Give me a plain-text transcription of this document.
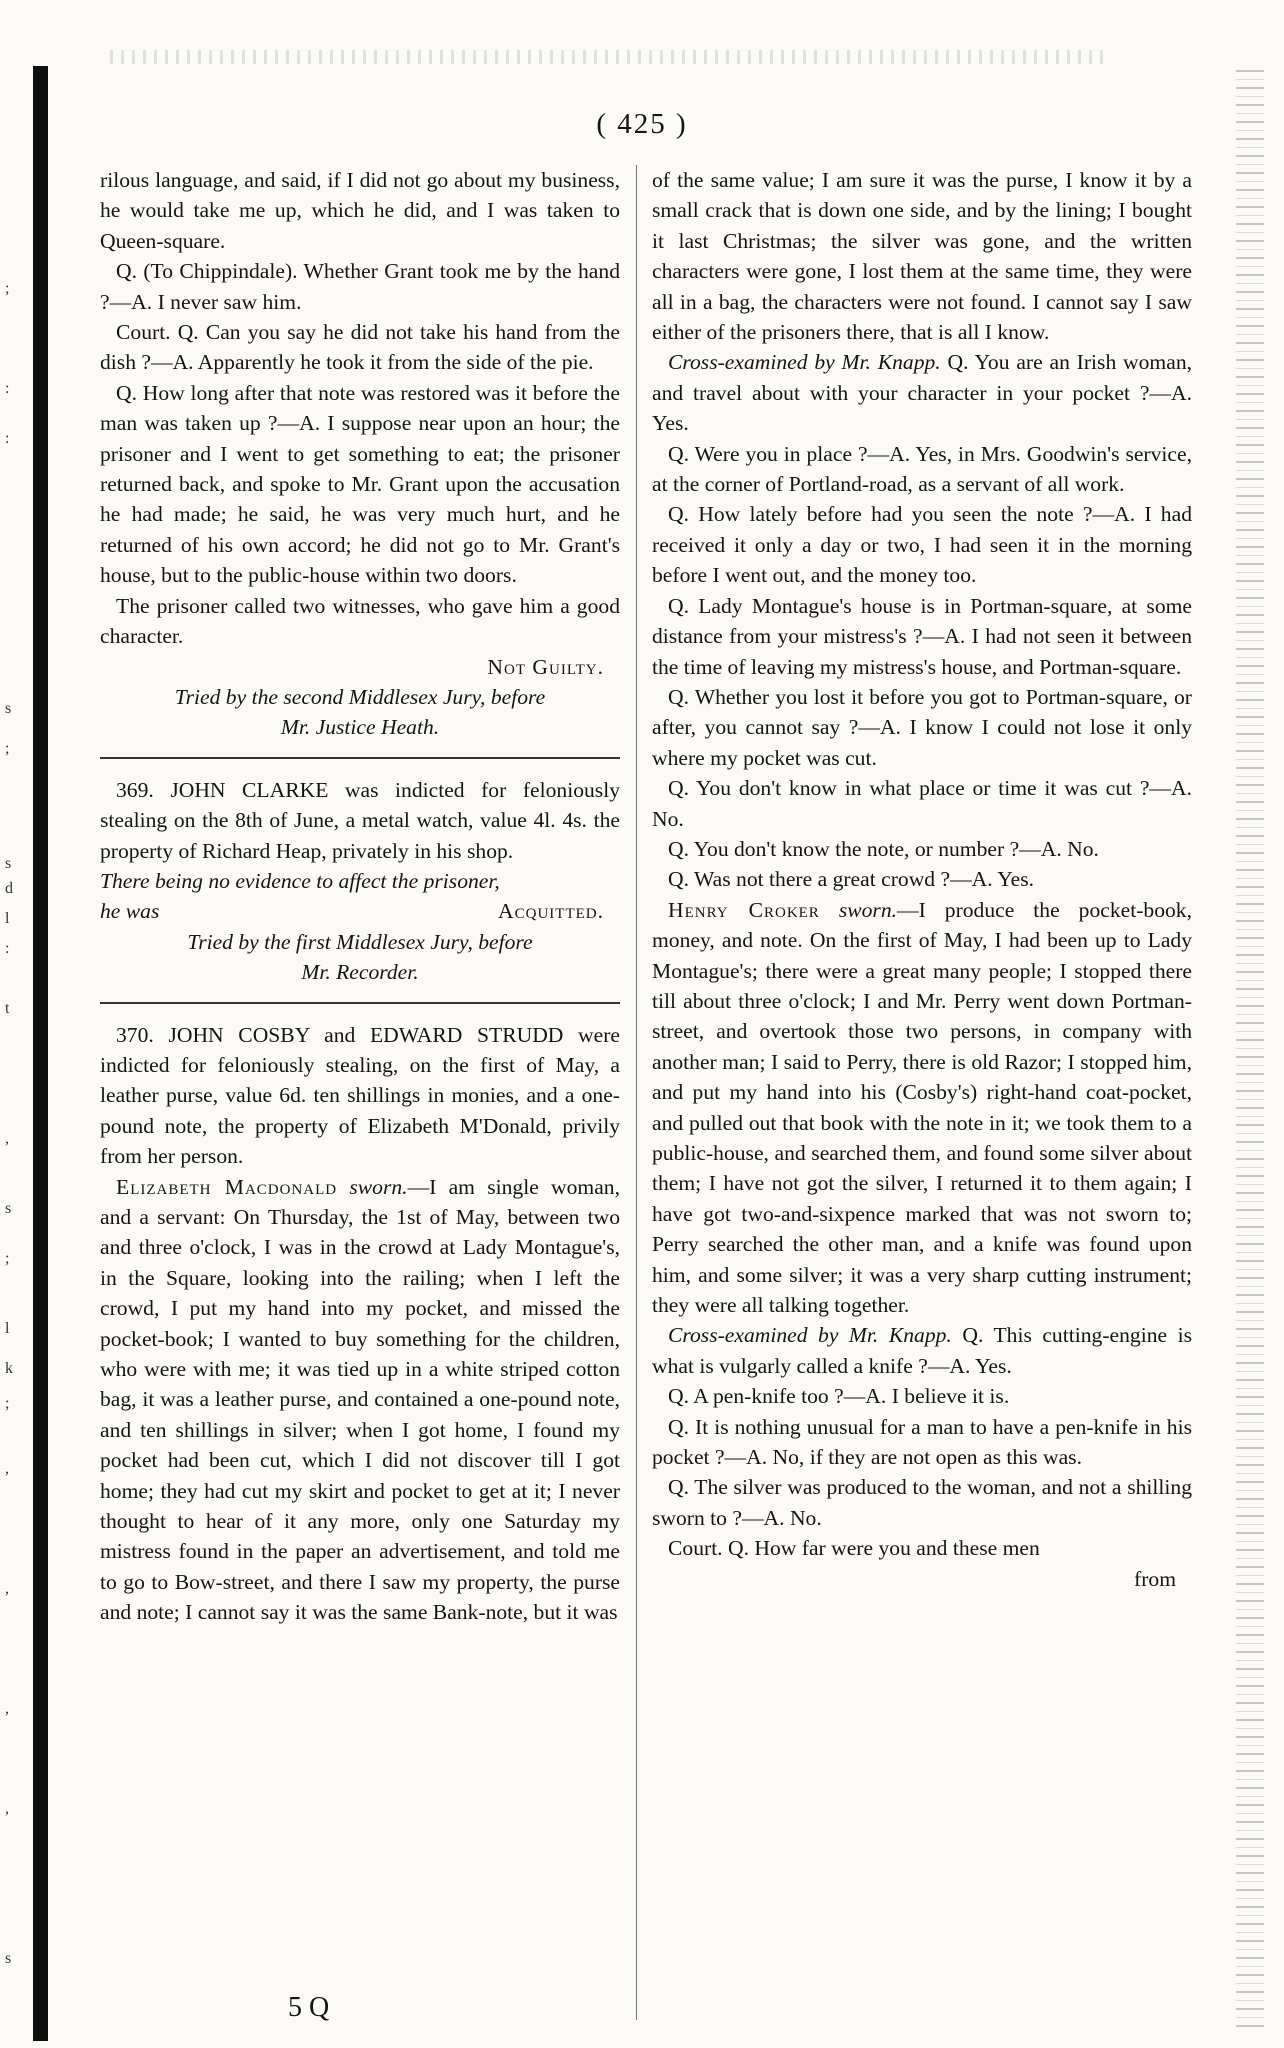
;
:
:
s
;
s
d
l
:
t
,
s
;
l
k
;
,
,
,
,
s
( 425 )

rilous language, and said, if I did not go about my business, he would take me up, which he did, and I was taken to Queen-square.

Q. (To Chippindale). Whether Grant took me by the hand ?—A. I never saw him.

Court. Q. Can you say he did not take his hand from the dish ?—A. Apparently he took it from the side of the pie.

Q. How long after that note was restored was it before the man was taken up ?—A. I suppose near upon an hour; the prisoner and I went to get something to eat; the prisoner returned back, and spoke to Mr. Grant upon the accusation he had made; he said, he was very much hurt, and he returned of his own accord; he did not go to Mr. Grant's house, but to the public-house within two doors.

The prisoner called two witnesses, who gave him a good character.

Not Guilty.

Tried by the second Middlesex Jury, before

Mr. Justice Heath.

369. JOHN CLARKE was indicted for feloniously stealing on the 8th of June, a metal watch, value 4l. 4s. the property of Richard Heap, privately in his shop.

There being no evidence to affect the prisoner,

he was	Acquitted.

Tried by the first Middlesex Jury, before

Mr. Recorder.

370. JOHN COSBY and EDWARD STRUDD were indicted for feloniously stealing, on the first of May, a leather purse, value 6d. ten shillings in monies, and a one-pound note, the property of Elizabeth M'Donald, privily from her person.

Elizabeth Macdonald sworn.—I am single woman, and a servant: On Thursday, the 1st of May, between two and three o'clock, I was in the crowd at Lady Montague's, in the Square, looking into the railing; when I left the crowd, I put my hand into my pocket, and missed the pocket-book; I wanted to buy something for the children, who were with me; it was tied up in a white striped cotton bag, it was a leather purse, and contained a one-pound note, and ten shillings in silver; when I got home, I found my pocket had been cut, which I did not discover till I got home; they had cut my skirt and pocket to get at it; I never thought to hear of it any more, only one Saturday my mistress found in the paper an advertisement, and told me to go to Bow-street, and there I saw my property, the purse and note; I cannot say it was the same Bank-note, but it was

of the same value; I am sure it was the purse, I know it by a small crack that is down one side, and by the lining; I bought it last Christmas; the silver was gone, and the written characters were gone, I lost them at the same time, they were all in a bag, the characters were not found. I cannot say I saw either of the prisoners there, that is all I know.

Cross-examined by Mr. Knapp. Q. You are an Irish woman, and travel about with your character in your pocket ?—A. Yes.

Q. Were you in place ?—A. Yes, in Mrs. Goodwin's service, at the corner of Portland-road, as a servant of all work.

Q. How lately before had you seen the note ?—A. I had received it only a day or two, I had seen it in the morning before I went out, and the money too.

Q. Lady Montague's house is in Portman-square, at some distance from your mistress's ?—A. I had not seen it between the time of leaving my mistress's house, and Portman-square.

Q. Whether you lost it before you got to Portman-square, or after, you cannot say ?—A. I know I could not lose it only where my pocket was cut.

Q. You don't know in what place or time it was cut ?—A. No.

Q. You don't know the note, or number ?—A. No.

Q. Was not there a great crowd ?—A. Yes.

Henry Croker sworn.—I produce the pocket-book, money, and note. On the first of May, I had been up to Lady Montague's; there were a great many people; I stopped there till about three o'clock; I and Mr. Perry went down Portman-street, and overtook those two persons, in company with another man; I said to Perry, there is old Razor; I stopped him, and put my hand into his (Cosby's) right-hand coat-pocket, and pulled out that book with the note in it; we took them to a public-house, and searched them, and found some silver about them; I have not got the silver, I returned it to them again; I have got two-and-sixpence marked that was not sworn to; Perry searched the other man, and a knife was found upon him, and some silver; it was a very sharp cutting instrument; they were all talking together.

Cross-examined by Mr. Knapp. Q. This cutting-engine is what is vulgarly called a knife ?—A. Yes.

Q. A pen-knife too ?—A. I believe it is.

Q. It is nothing unusual for a man to have a pen-knife in his pocket ?—A. No, if they are not open as this was.

Q. The silver was produced to the woman, and not a shilling sworn to ?—A. No.

Court. Q. How far were you and these men

from

5 Q
